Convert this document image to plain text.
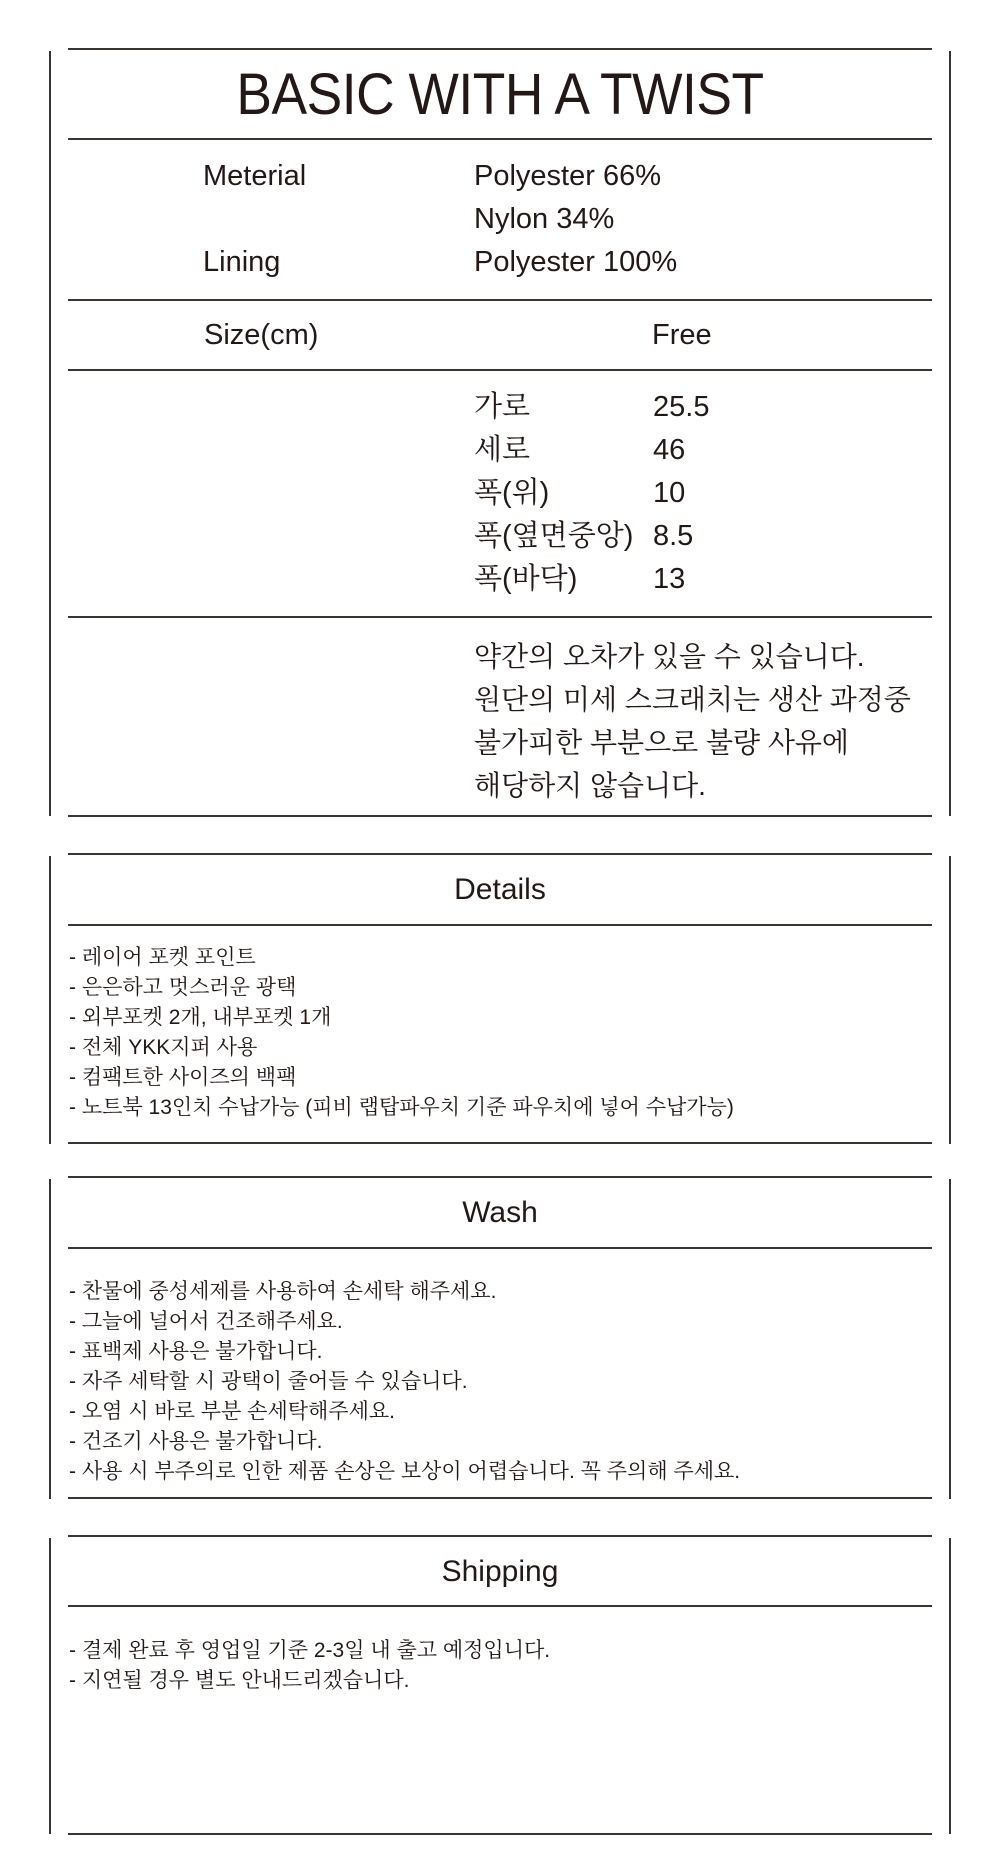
BASIC WITH A TWIST
Meterial	Polyester 66%
Nylon 34%
Lining	Polyester 100%
Size(cm)	Free
가로	25.5
세로	46
폭(위)	10
폭(옆면중앙) 8.5
폭(바닥)	13
약간의 오차가 있을 수 있습니다.
원단의 미세 스크래치는 생산 과정중
불가피한 부분으로 불량 사유에
해당하지 않습니다.
Details
- 레이어 포켓 포인트
- 은은하고 멋스러운 광택
- 외부포켓 2개, 내부포켓 1개
- 전체 YKK지퍼 사용
- 컴팩트한 사이즈의 백팩
- 노트북 13인치 수납가능 (피비 랩탑파우치 기준 파우치에 넣어 수납가능)
Wash
- 찬물에 중성세제를 사용하여 손세탁 해주세요.
- 그늘에 널어서 건조해주세요.
- 표백제 사용은 불가합니다.
- 자주 세탁할 시 광택이 줄어들 수 있습니다.
- 오염 시 바로 부분 손세탁해주세요.
- 건조기 사용은 불가합니다.
- 사용 시 부주의로 인한 제품 손상은 보상이 어렵습니다. 꼭 주의해 주세요.
Shipping
- 결제 완료 후 영업일 기준 2-3일 내 출고 예정입니다.
- 지연될 경우 별도 안내드리겠습니다.
